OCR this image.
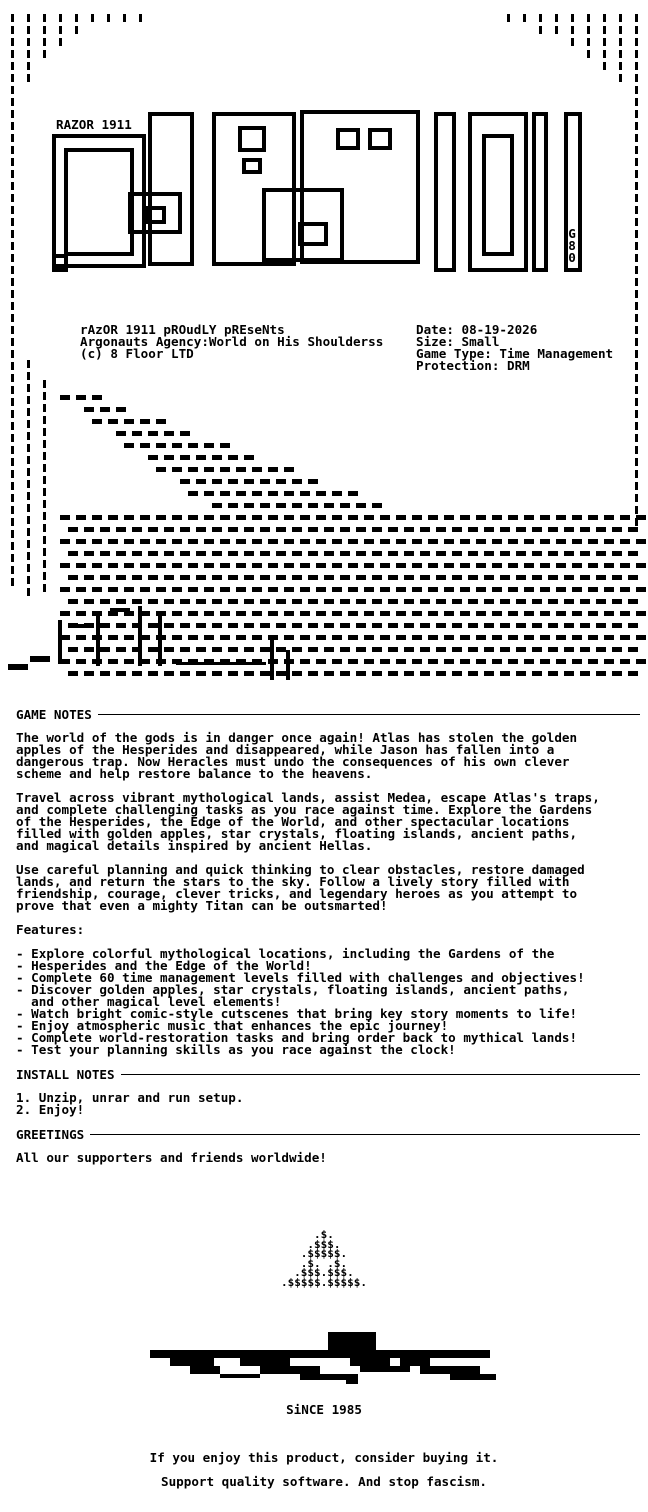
RAZOR 1911
G80
rAzOR 1911 pROudLY pREseNts
Argonauts Agency:World on His Shoulderss
(c) 8 Floor LTD
Date: 08-19-2026
Size: Small
Game Type: Time Management
Protection: DRM
GAME NOTES
The world of the gods is in danger once again! Atlas has stolen the golden
apples of the Hesperides and disappeared, while Jason has fallen into a
dangerous trap. Now Heracles must undo the consequences of his own clever
scheme and help restore balance to the heavens.
Travel across vibrant mythological lands, assist Medea, escape Atlas's traps,
and complete challenging tasks as you race against time. Explore the Gardens
of the Hesperides, the Edge of the World, and other spectacular locations
filled with golden apples, star crystals, floating islands, ancient paths,
and magical details inspired by ancient Hellas.
Use careful planning and quick thinking to clear obstacles, restore damaged
lands, and return the stars to the sky. Follow a lively story filled with
friendship, courage, clever tricks, and legendary heroes as you attempt to
prove that even a mighty Titan can be outsmarted!
Features:
- Explore colorful mythological locations, including the Gardens of the
- Hesperides and the Edge of the World!
- Complete 60 time management levels filled with challenges and objectives!
- Discover golden apples, star crystals, floating islands, ancient paths,
and other magical level elements!
- Watch bright comic-style cutscenes that bring key story moments to life!
- Enjoy atmospheric music that enhances the epic journey!
- Complete world-restoration tasks and bring order back to mythical lands!
- Test your planning skills as you race against the clock!
INSTALL NOTES
1. Unzip, unrar and run setup.
2. Enjoy!
GREETINGS
All our supporters and friends worldwide!
.$.
.$$$.
.$$$$$.
.$. .$.
.$$$.$$$.
.$$$$$.$$$$$.
SiNCE 1985
If you enjoy this product, consider buying it.
Support quality software. And stop fascism.
